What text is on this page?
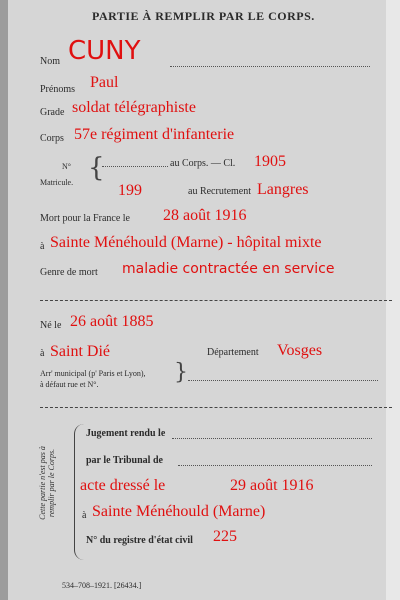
PARTIE À REMPLIR PAR LE CORPS.
Nom CUNY
Prénoms Paul
Grade soldat télégraphiste
Corps 57e régiment d'infanterie
N°
Matricule. {	au Corps. — Cl. 1905
199	au Recrutement Langres
Mort pour la France le 28 août 1916
à Sainte Ménéhould (Marne) - hôpital mixte
Genre de mort maladie contractée en service
Né le 26 août 1885
à Saint Dié	Département Vosges
Arr' municipal (p' Paris et Lyon),
à défaut rue et N°.	}
Cette partie n'est pas à remplir par le Corps.
Jugement rendu le
par le Tribunal de
acte dressé le	29 août 1916
à Sainte Ménéhould (Marne)
N° du registre d'état civil 225
534–708–1921. [26434.]
